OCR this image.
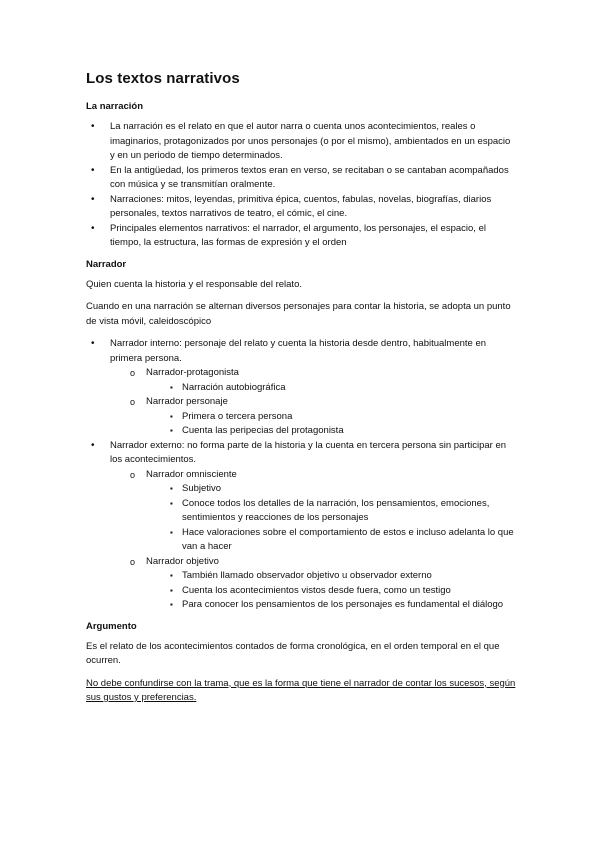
Los textos narrativos
La narración
• La narración es el relato en que el autor narra o cuenta unos acontecimientos, reales o imaginarios, protagonizados por unos personajes (o por el mismo), ambientados en un espacio y en un periodo de tiempo determinados.
• En la antigüedad, los primeros textos eran en verso, se recitaban o se cantaban acompañados con música y se transmitían oralmente.
• Narraciones: mitos, leyendas, primitiva épica, cuentos, fabulas, novelas, biografías, diarios personales, textos narrativos de teatro, el cómic, el cine.
• Principales elementos narrativos: el narrador, el argumento, los personajes, el espacio, el tiempo, la estructura, las formas de expresión y el orden
Narrador

Quien cuenta la historia y el responsable del relato.

Cuando en una narración se alternan diversos personajes para contar la historia, se adopta un punto de vista móvil, caleidoscópico

• Narrador interno: personaje del relato y cuenta la historia desde dentro, habitualmente en primera persona.
o Narrador-protagonista
▪ Narración autobiográfica
o Narrador personaje
▪ Primera o tercera persona
▪ Cuenta las peripecias del protagonista
• Narrador externo: no forma parte de la historia y la cuenta en tercera persona sin participar en los acontecimientos.
o Narrador omnisciente
▪ Subjetivo
▪ Conoce todos los detalles de la narración, los pensamientos, emociones, sentimientos y reacciones de los personajes
▪ Hace valoraciones sobre el comportamiento de estos e incluso adelanta lo que van a hacer
o Narrador objetivo
▪ También llamado observador objetivo u observador externo
▪ Cuenta los acontecimientos vistos desde fuera, como un testigo
▪ Para conocer los pensamientos de los personajes es fundamental el diálogo
Argumento

Es el relato de los acontecimientos contados de forma cronológica, en el orden temporal en el que ocurren.

No debe confundirse con la trama, que es la forma que tiene el narrador de contar los sucesos, según sus gustos y preferencias.
